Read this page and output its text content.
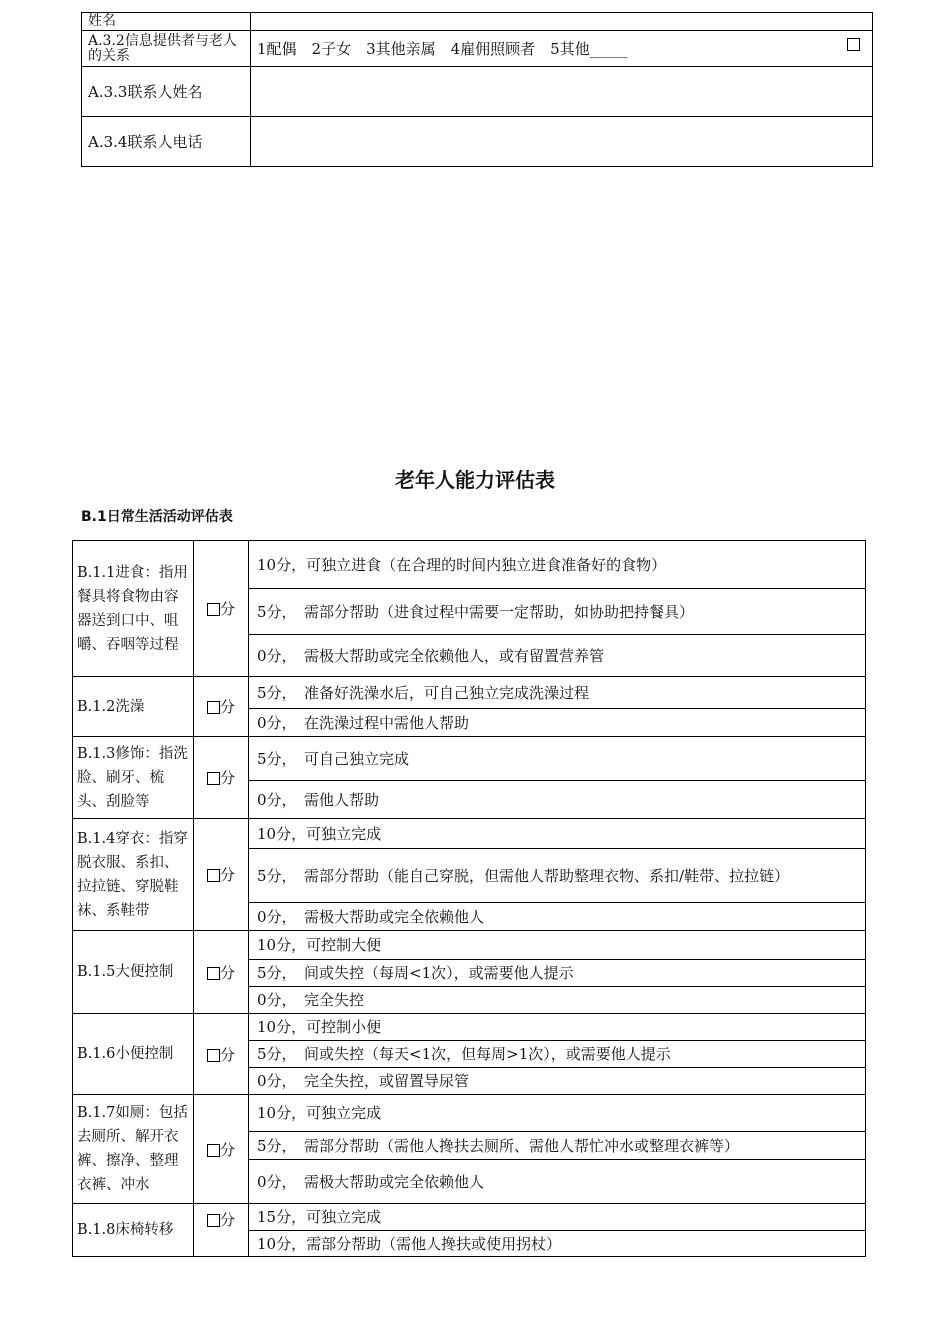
姓名	
A.3.2信息提供者与老人的关系	1配偶　2子女　3其他亲属　4雇佣照顾者　5其他_____

A.3.3联系人姓名	
A.3.4联系人电话	
老年人能力评估表
B.1日常生活活动评估表
B.1.1进食：指用餐具将食物由容器送到口中、咀嚼、吞咽等过程	分	10分，可独立进食（在合理的时间内独立进食准备好的食物）
		5分，　需部分帮助（进食过程中需要一定帮助，如协助把持餐具）
		0分，　需极大帮助或完全依赖他人，或有留置营养管
B.1.2洗澡	分	5分，　准备好洗澡水后，可自己独立完成洗澡过程
		0分，　在洗澡过程中需他人帮助
B.1.3修饰：指洗脸、刷牙、梳头、刮脸等	分	5分，　可自己独立完成
		0分，　需他人帮助
B.1.4穿衣：指穿脱衣服、系扣、拉拉链、穿脱鞋袜、系鞋带	分	10分，可独立完成
		5分，　需部分帮助（能自己穿脱，但需他人帮助整理衣物、系扣/鞋带、拉拉链）
		0分，　需极大帮助或完全依赖他人
B.1.5大便控制	分	10分，可控制大便
		5分，　间或失控（每周<1次），或需要他人提示
		0分，　完全失控
B.1.6小便控制	分	10分，可控制小便
		5分，　间或失控（每天<1次，但每周>1次），或需要他人提示
		0分，　完全失控，或留置导尿管
B.1.7如厕：包括去厕所、解开衣裤、擦净、整理衣裤、冲水	分	10分，可独立完成
		5分，　需部分帮助（需他人搀扶去厕所、需他人帮忙冲水或整理衣裤等）
		0分，　需极大帮助或完全依赖他人
B.1.8床椅转移	分	15分，可独立完成
		10分，需部分帮助（需他人搀扶或使用拐杖）
